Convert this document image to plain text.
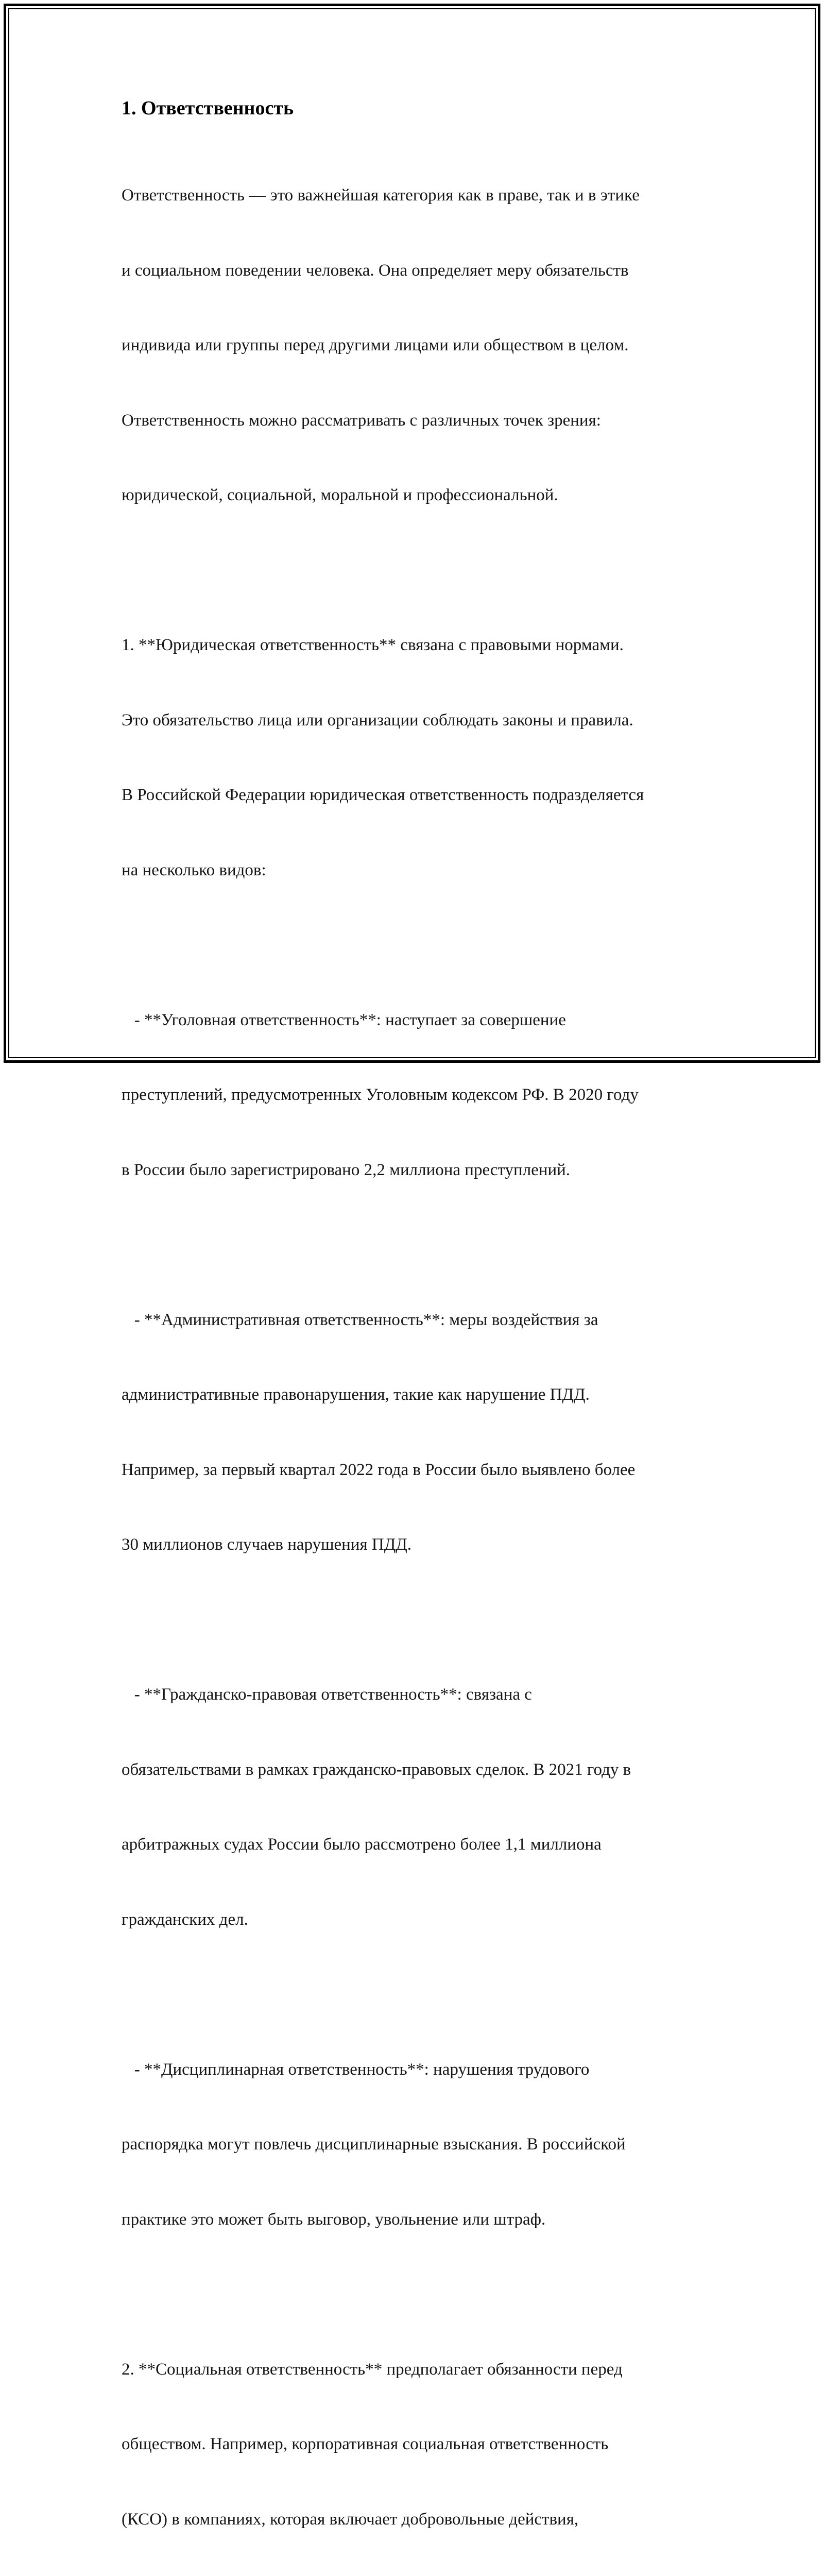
1. Ответственность

Ответственность — это важнейшая категория как в праве, так и в этике

и социальном поведении человека. Она определяет меру обязательств

индивида или группы перед другими лицами или обществом в целом.

Ответственность можно рассматривать с различных точек зрения:

юридической, социальной, моральной и профессиональной.

1. **Юридическая ответственность** связана с правовыми нормами.

Это обязательство лица или организации соблюдать законы и правила.

В Российской Федерации юридическая ответственность подразделяется

на несколько видов:

- **Уголовная ответственность**: наступает за совершение

преступлений, предусмотренных Уголовным кодексом РФ. В 2020 году

в России было зарегистрировано 2,2 миллиона преступлений.

- **Административная ответственность**: меры воздействия за

административные правонарушения, такие как нарушение ПДД.

Например, за первый квартал 2022 года в России было выявлено более

30 миллионов случаев нарушения ПДД.

- **Гражданско-правовая ответственность**: связана с

обязательствами в рамках гражданско-правовых сделок. В 2021 году в

арбитражных судах России было рассмотрено более 1,1 миллиона

гражданских дел.

- **Дисциплинарная ответственность**: нарушения трудового

распорядка могут повлечь дисциплинарные взыскания. В российской

практике это может быть выговор, увольнение или штраф.

2. **Социальная ответственность** предполагает обязанности перед

обществом. Например, корпоративная социальная ответственность

(КСО) в компаниях, которая включает добровольные действия,
